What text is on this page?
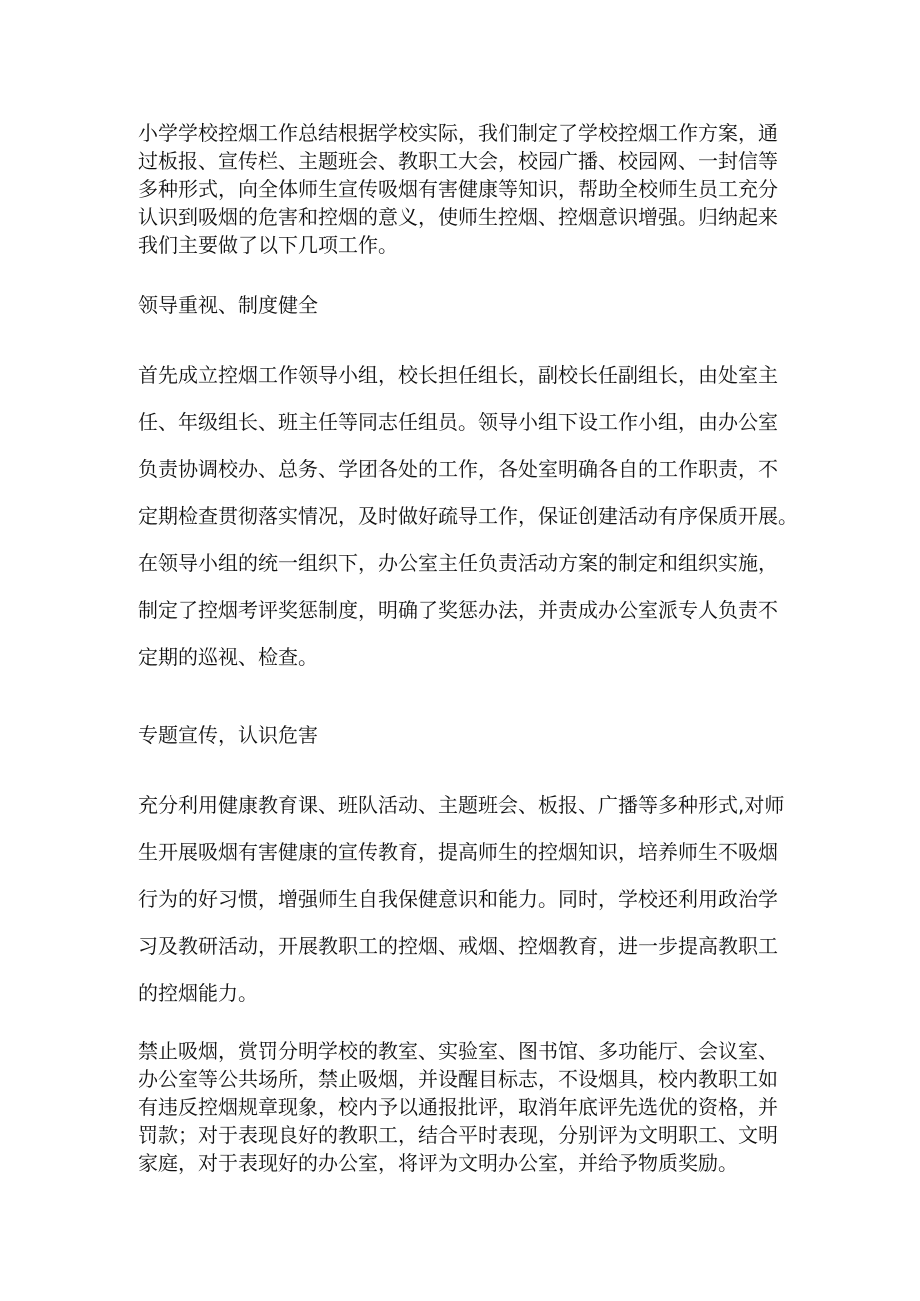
小学学校控烟工作总结根据学校实际，我们制定了学校控烟工作方案，通
过板报、宣传栏、主题班会、教职工大会，校园广播、校园网、一封信等
多种形式，向全体师生宣传吸烟有害健康等知识，帮助全校师生员工充分
认识到吸烟的危害和控烟的意义，使师生控烟、控烟意识增强。归纳起来
我们主要做了以下几项工作。

领导重视、制度健全

首先成立控烟工作领导小组，校长担任组长，副校长任副组长，由处室主
任、年级组长、班主任等同志任组员。领导小组下设工作小组，由办公室
负责协调校办、总务、学团各处的工作，各处室明确各自的工作职责，不
定期检查贯彻落实情况，及时做好疏导工作，保证创建活动有序保质开展。
在领导小组的统一组织下，办公室主任负责活动方案的制定和组织实施，
制定了控烟考评奖惩制度，明确了奖惩办法，并责成办公室派专人负责不
定期的巡视、检查。

专题宣传，认识危害

充分利用健康教育课、班队活动、主题班会、板报、广播等多种形式,对师
生开展吸烟有害健康的宣传教育，提高师生的控烟知识，培养师生不吸烟
行为的好习惯，增强师生自我保健意识和能力。同时，学校还利用政治学
习及教研活动，开展教职工的控烟、戒烟、控烟教育，进一步提高教职工
的控烟能力。

禁止吸烟，赏罚分明学校的教室、实验室、图书馆、多功能厅、会议室、
办公室等公共场所，禁止吸烟，并设醒目标志，不设烟具，校内教职工如
有违反控烟规章现象，校内予以通报批评，取消年底评先选优的资格，并
罚款；对于表现良好的教职工，结合平时表现，分别评为文明职工、文明
家庭，对于表现好的办公室，将评为文明办公室，并给予物质奖励。
